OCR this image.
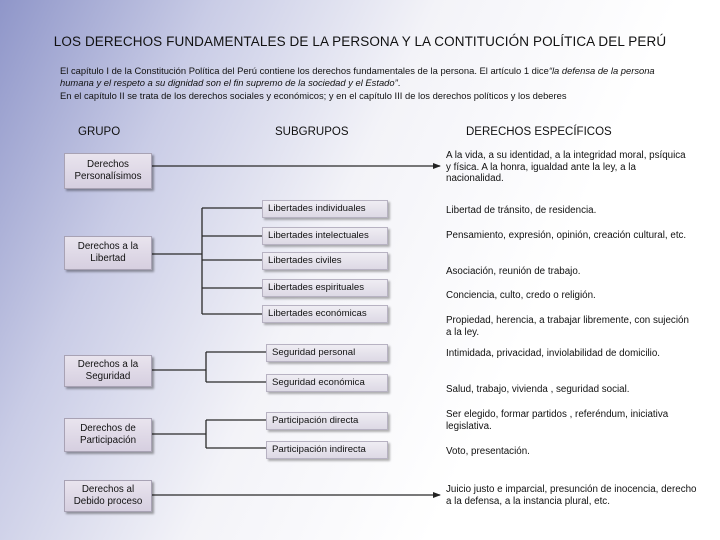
LOS DERECHOS FUNDAMENTALES DE LA PERSONA Y LA CONTITUCIÓN POLÍTICA DEL PERÚ

El capítulo I de la Constitución Política del Perú contiene los derechos fundamentales de la persona. El artículo 1 dice“la defensa de la persona humana y el respeto a su dignidad son el fin supremo de la sociedad y el Estado”.

En el capítulo II se trata de los derechos sociales y económicos; y en el capítulo III de los derechos políticos y los deberes

GRUPO	SUBGRUPOS	DERECHOS ESPECÍFICOS
Derechos Personalísimos
Derechos a la Libertad
Derechos a la Seguridad
Derechos de Participación
Derechos al Debido proceso
Libertades individuales
Libertades intelectuales
Libertades civiles
Libertades espirituales
Libertades económicas
Seguridad personal
Seguridad económica
Participación directa
Participación indirecta
A la vida, a su identidad, a la integridad moral, psíquica y física. A la honra, igualdad ante la ley, a la nacionalidad.
Libertad de tránsito, de residencia.
Pensamiento, expresión, opinión, creación cultural, etc.
Asociación, reunión de trabajo.
Conciencia, culto, credo o religión.
Propiedad, herencia, a trabajar libremente, con sujeción a la ley.
Intimidada, privacidad, inviolabilidad de domicilio.
Salud, trabajo, vivienda , seguridad social.
Ser elegido, formar partidos , referéndum, iniciativa legislativa.
Voto, presentación.
Juicio justo e imparcial, presunción de inocencia, derecho a la defensa, a la instancia plural, etc.
